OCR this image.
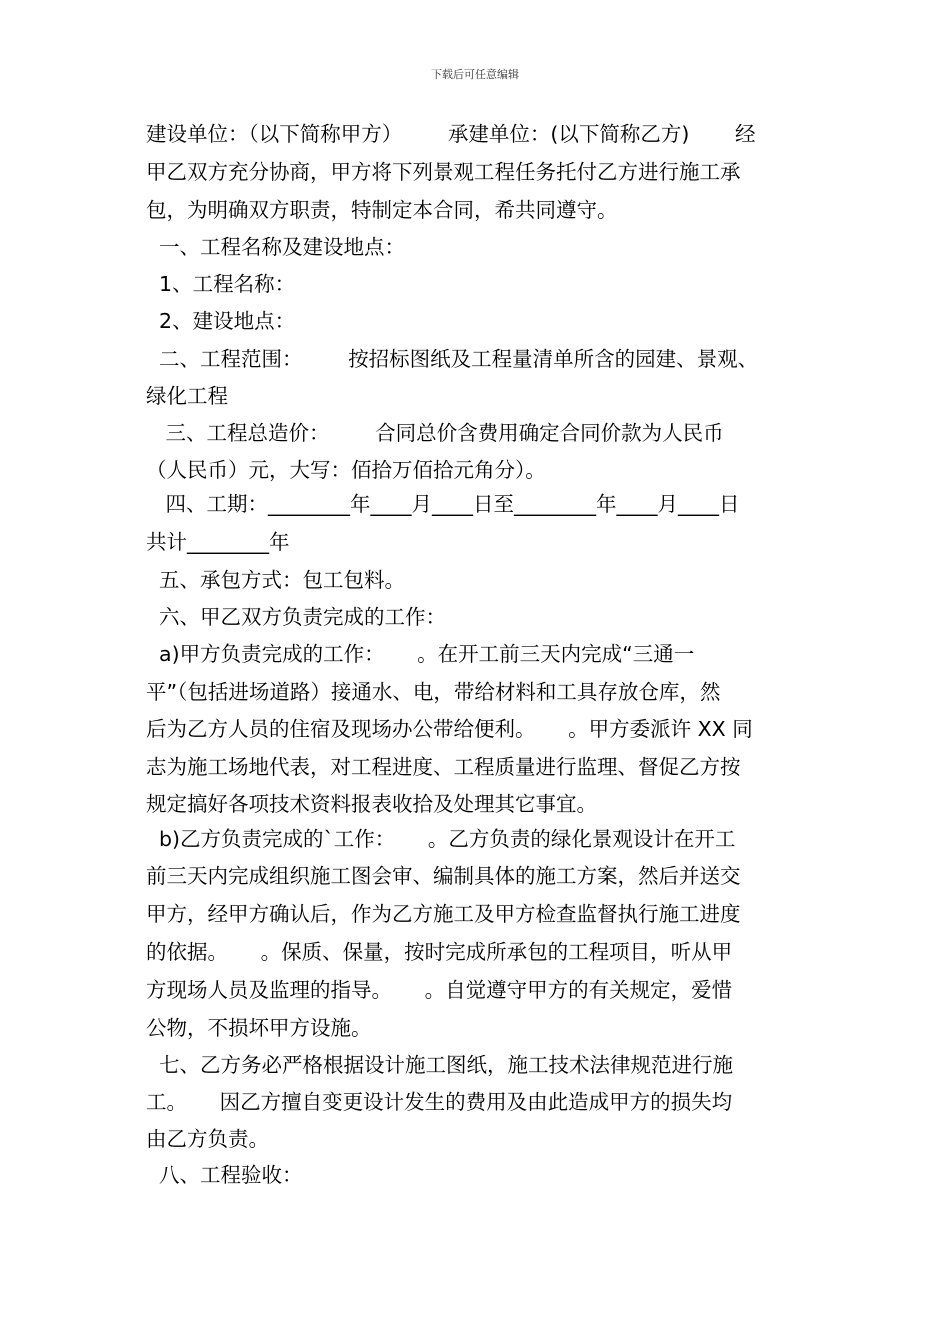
下载后可任意编辑
建设单位：（以下简称甲方）       承建单位：(以下简称乙方)       经
甲乙双方充分协商，甲方将下列景观工程任务托付乙方进行施工承
包，为明确双方职责，特制定本合同，希共同遵守。
一、工程名称及建设地点：
1、工程名称：
2、建设地点：
二、工程范围：       按招标图纸及工程量清单所含的园建、景观、
绿化工程
三、工程总造价：       合同总价含费用确定合同价款为人民币
（人民币）元，大写：佰拾万佰拾元角分）。
四、工期：________年____月____日至________年____月____日
共计________年
五、承包方式：包工包料。
六、甲乙双方负责完成的工作：
a)甲方负责完成的工作：     。在开工前三天内完成“三通一
平”（包括进场道路）接通水、电，带给材料和工具存放仓库，然
后为乙方人员的住宿及现场办公带给便利。     。甲方委派许 XX 同
志为施工场地代表，对工程进度、工程质量进行监理、督促乙方按
规定搞好各项技术资料报表收拾及处理其它事宜。
b)乙方负责完成的`工作：     。乙方负责的绿化景观设计在开工
前三天内完成组织施工图会审、编制具体的施工方案，然后并送交
甲方，经甲方确认后，作为乙方施工及甲方检查监督执行施工进度
的依据。     。保质、保量，按时完成所承包的工程项目，听从甲
方现场人员及监理的指导。     。自觉遵守甲方的有关规定，爱惜
公物，不损坏甲方设施。
七、乙方务必严格根据设计施工图纸，施工技术法律规范进行施
工。     因乙方擅自变更设计发生的费用及由此造成甲方的损失均
由乙方负责。
八、工程验收：
